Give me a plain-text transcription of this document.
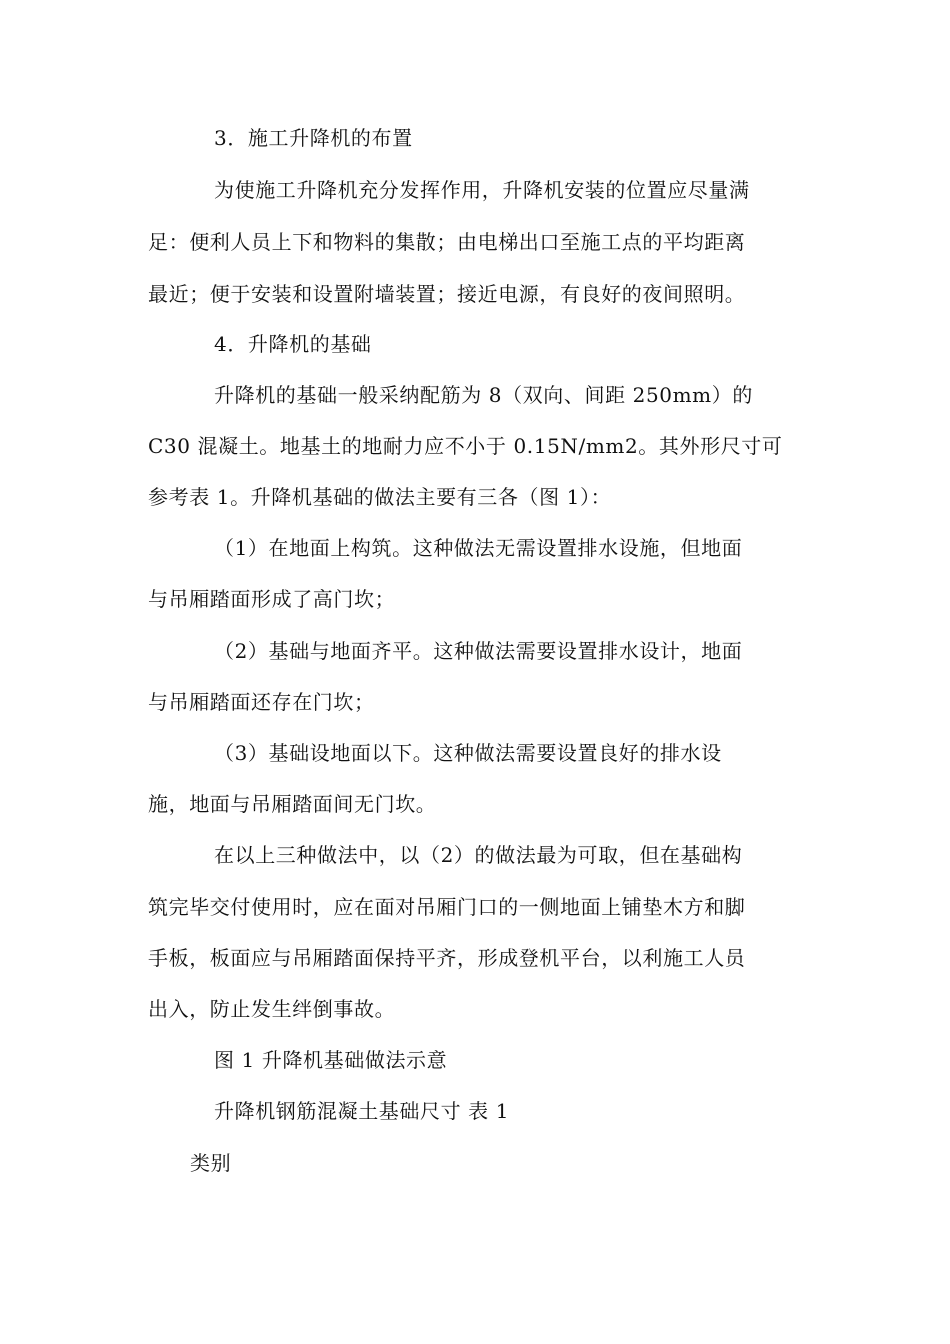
3．施工升降机的布置
为使施工升降机充分发挥作用，升降机安装的位置应尽量满
足：便利人员上下和物料的集散；由电梯出口至施工点的平均距离
最近；便于安装和设置附墙装置；接近电源，有良好的夜间照明。
4．升降机的基础
升降机的基础一般采纳配筋为 8（双向、间距 250mm）的
C30 混凝土。地基土的地耐力应不小于 0.15N/mm2。其外形尺寸可
参考表 1。升降机基础的做法主要有三各（图 1）：
（1）在地面上构筑。这种做法无需设置排水设施，但地面
与吊厢踏面形成了高门坎；
（2）基础与地面齐平。这种做法需要设置排水设计，地面
与吊厢踏面还存在门坎；
（3）基础设地面以下。这种做法需要设置良好的排水设
施，地面与吊厢踏面间无门坎。
在以上三种做法中，以（2）的做法最为可取，但在基础构
筑完毕交付使用时，应在面对吊厢门口的一侧地面上铺垫木方和脚
手板，板面应与吊厢踏面保持平齐，形成登机平台，以利施工人员
出入，防止发生绊倒事故。
图 1 升降机基础做法示意
升降机钢筋混凝土基础尺寸 表 1
类别
